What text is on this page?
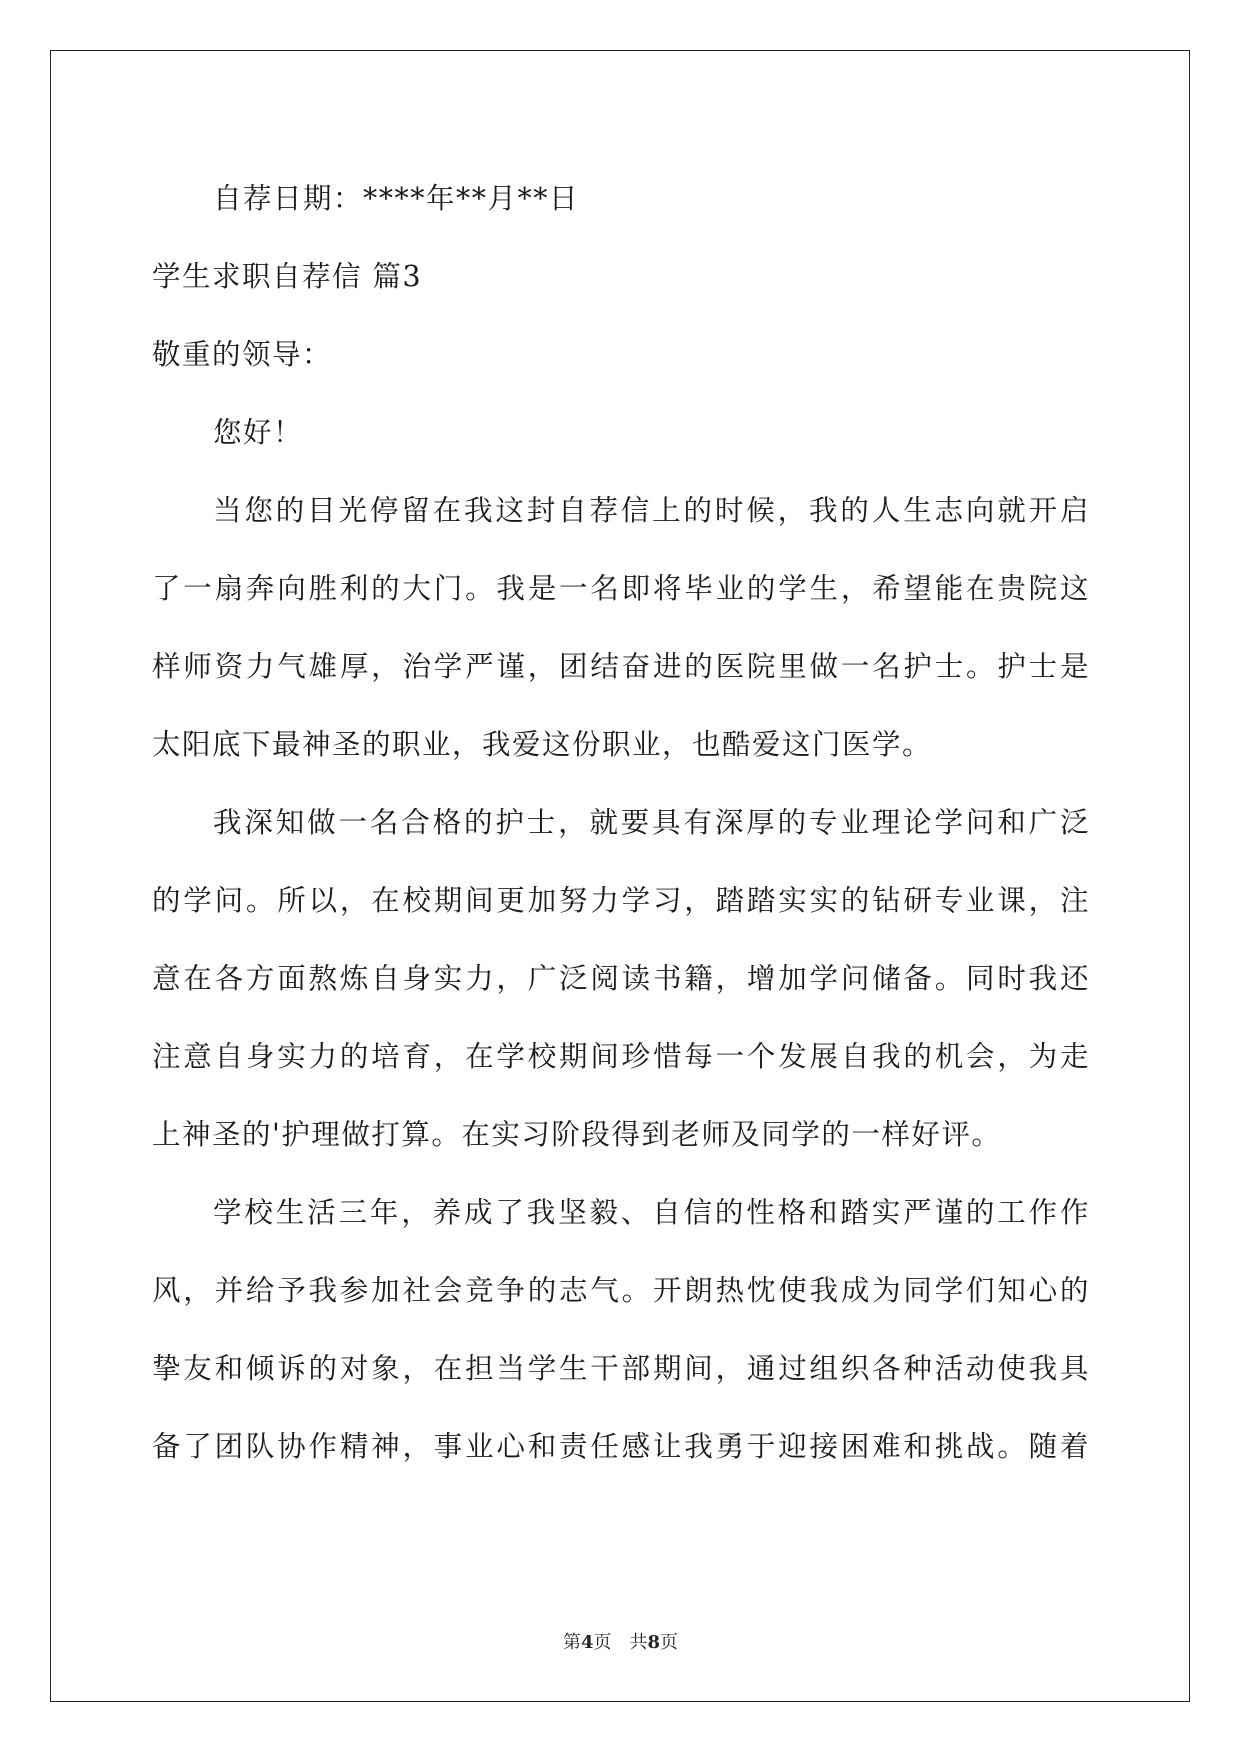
自荐日期：****年**月**日
学生求职自荐信 篇3
敬重的领导：
您好！
当您的目光停留在我这封自荐信上的时候，我的人生志向就开启
了一扇奔向胜利的大门。我是一名即将毕业的学生，希望能在贵院这
样师资力气雄厚，治学严谨，团结奋进的医院里做一名护士。护士是
太阳底下最神圣的职业，我爱这份职业，也酷爱这门医学。
我深知做一名合格的护士，就要具有深厚的专业理论学问和广泛
的学问。所以，在校期间更加努力学习，踏踏实实的钻研专业课，注
意在各方面熬炼自身实力，广泛阅读书籍，增加学问储备。同时我还
注意自身实力的培育，在学校期间珍惜每一个发展自我的机会，为走
上神圣的'护理做打算。在实习阶段得到老师及同学的一样好评。
学校生活三年，养成了我坚毅、自信的性格和踏实严谨的工作作
风，并给予我参加社会竞争的志气。开朗热忱使我成为同学们知心的
挚友和倾诉的对象，在担当学生干部期间，通过组织各种活动使我具
备了团队协作精神，事业心和责任感让我勇于迎接困难和挑战。随着
第4页　共8页
